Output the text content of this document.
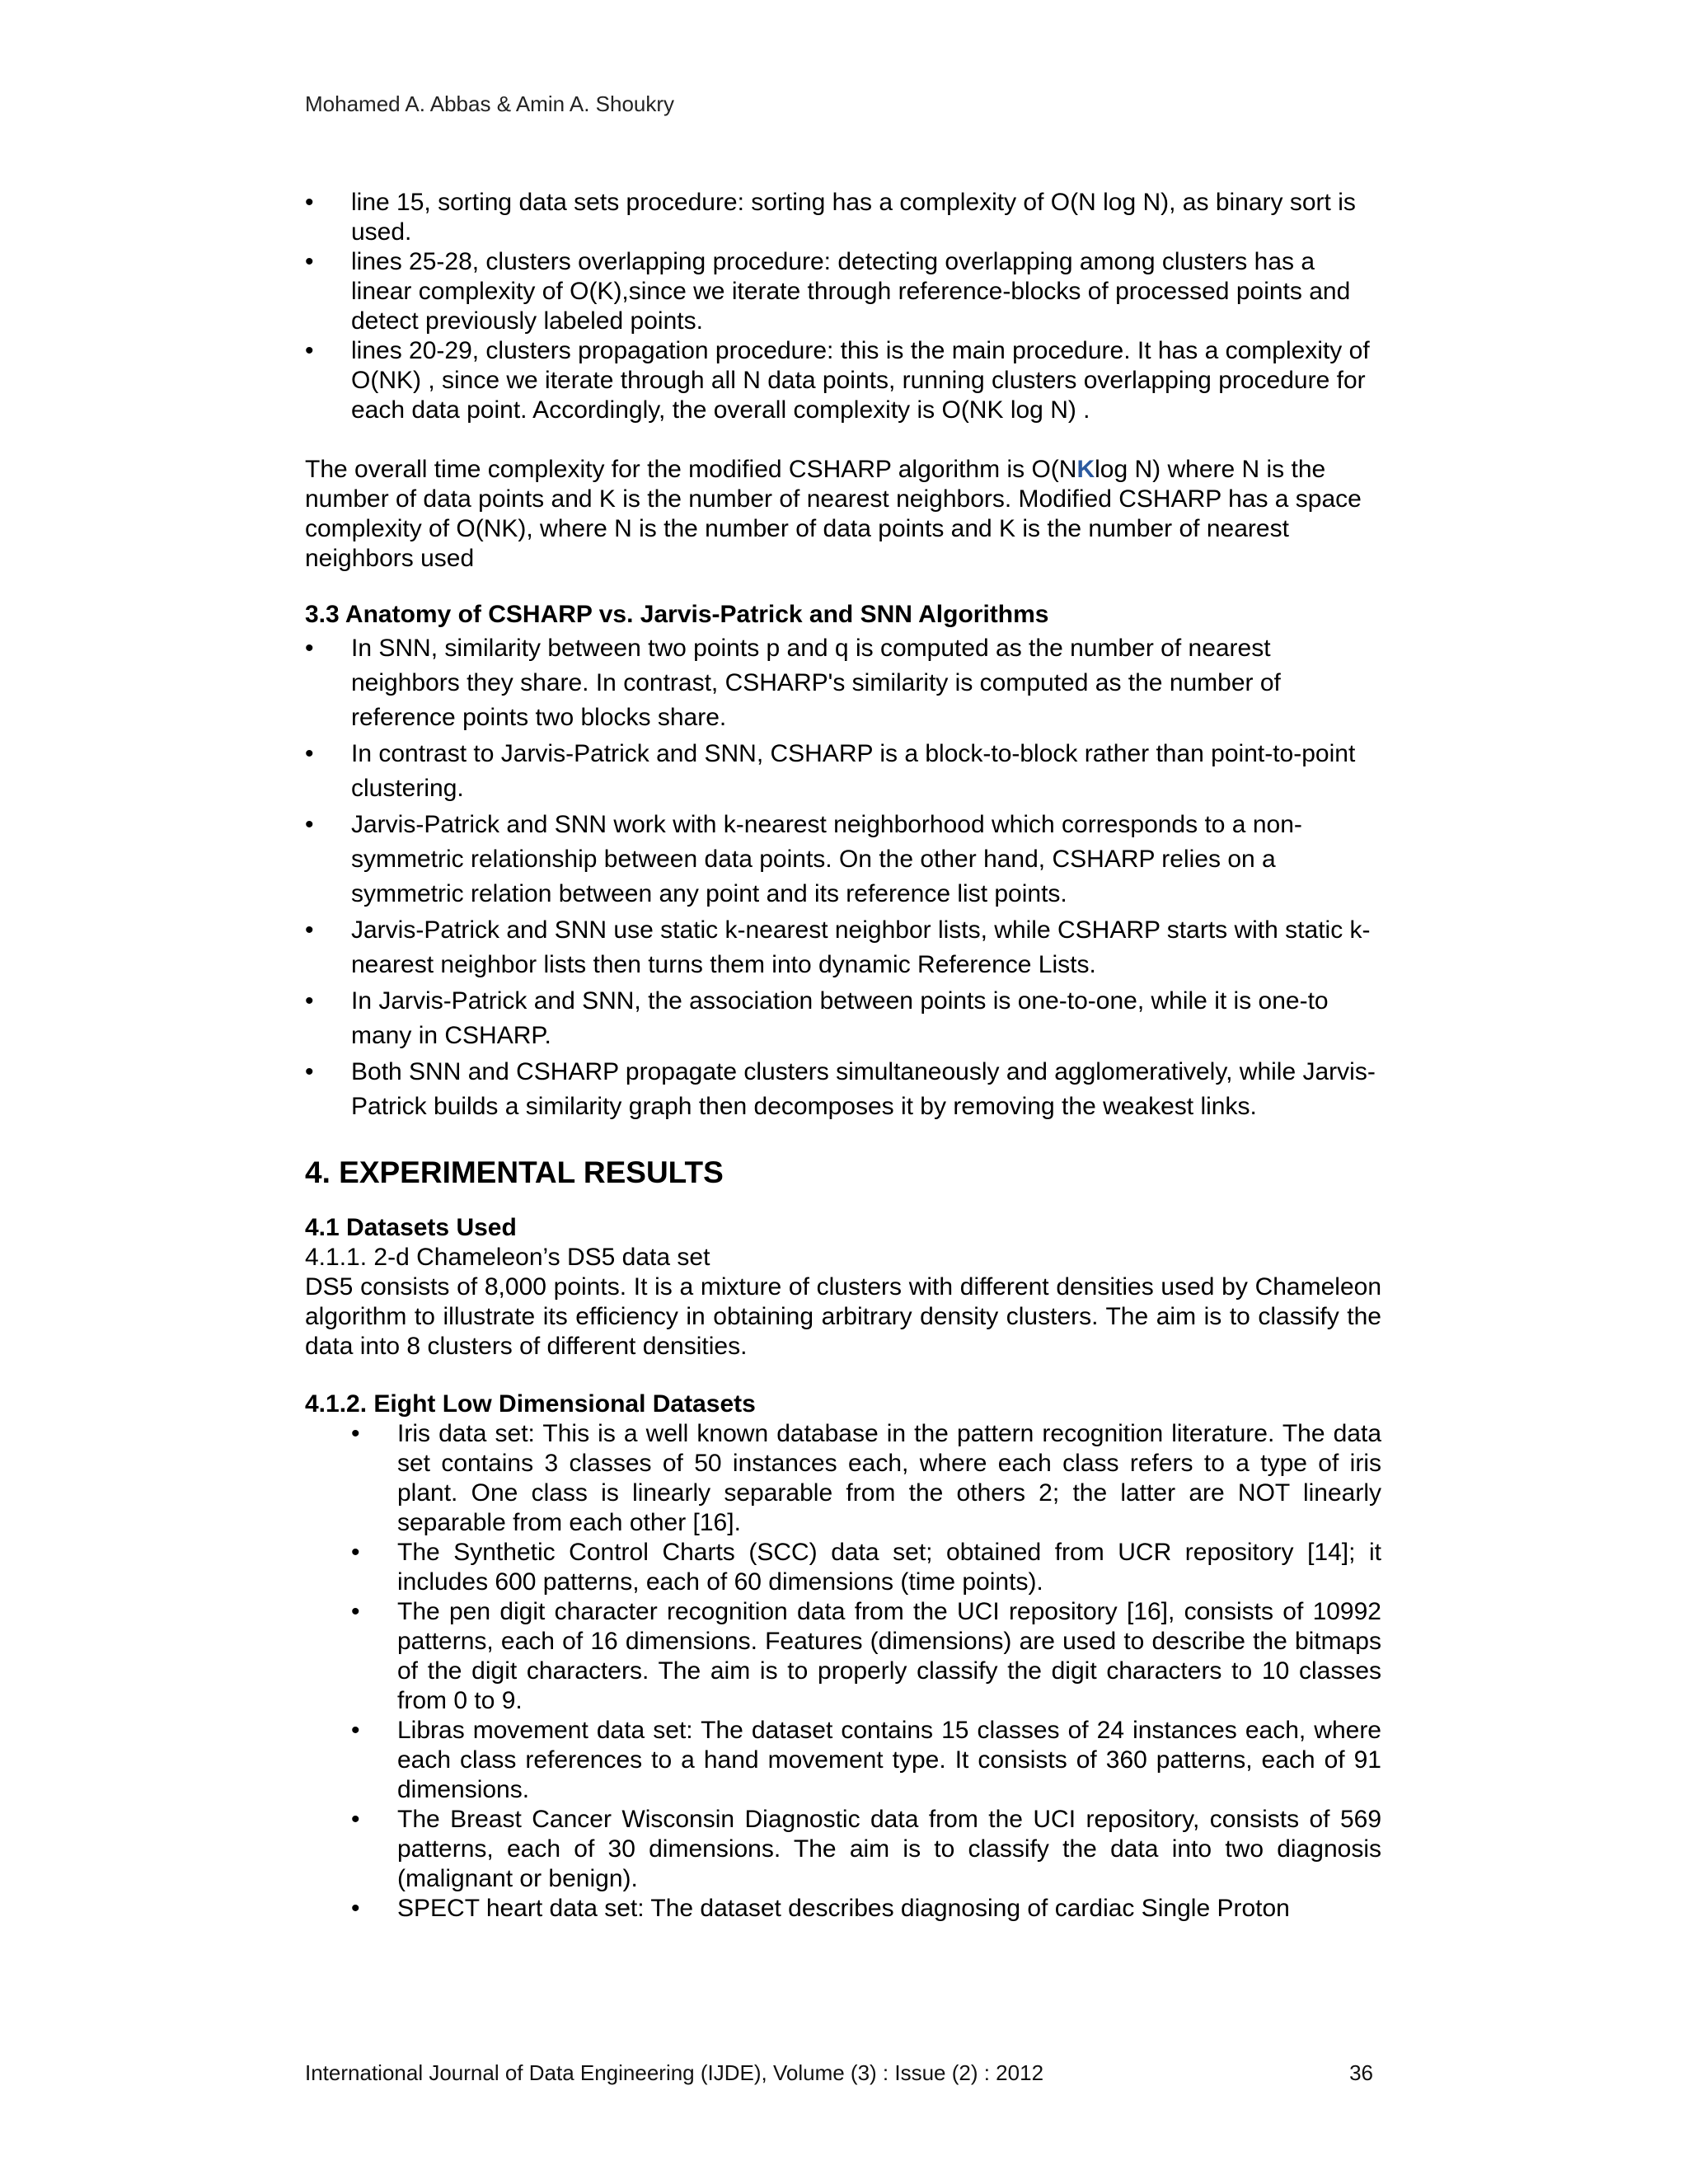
Mohamed A. Abbas & Amin A. Shoukry
• line 15, sorting data sets procedure: sorting has a complexity of O(N log N), as binary sort is used.
• lines 25-28, clusters overlapping procedure: detecting overlapping among clusters has a linear complexity of O(K),since we iterate through reference-blocks of processed points and detect previously labeled points.
• lines 20-29, clusters propagation procedure: this is the main procedure. It has a complexity of O(NK) , since we iterate through all N data points, running clusters overlapping procedure for each data point. Accordingly, the overall complexity is O(NK log N) .

The overall time complexity for the modified CSHARP algorithm is O(NKlog N) where N is the number of data points and K is the number of nearest neighbors. Modified CSHARP has a space complexity of O(NK), where N is the number of data points and K is the number of nearest neighbors used

3.3 Anatomy of CSHARP vs. Jarvis-Patrick and SNN Algorithms
• In SNN, similarity between two points p and q is computed as the number of nearest neighbors they share. In contrast, CSHARP's similarity is computed as the number of reference points two blocks share.
• In contrast to Jarvis-Patrick and SNN, CSHARP is a block-to-block rather than point-to-point clustering.
• Jarvis-Patrick and SNN work with k-nearest neighborhood which corresponds to a non-symmetric relationship between data points. On the other hand, CSHARP relies on a symmetric relation between any point and its reference list points.
• Jarvis-Patrick and SNN use static k-nearest neighbor lists, while CSHARP starts with static k-nearest neighbor lists then turns them into dynamic Reference Lists.
• In Jarvis-Patrick and SNN, the association between points is one-to-one, while it is one-to many in CSHARP.
• Both SNN and CSHARP propagate clusters simultaneously and agglomeratively, while Jarvis-Patrick builds a similarity graph then decomposes it by removing the weakest links.
4. EXPERIMENTAL RESULTS
4.1 Datasets Used

4.1.1. 2-d Chameleon’s DS5 data set

DS5 consists of 8,000 points. It is a mixture of clusters with different densities used by Chameleon algorithm to illustrate its efficiency in obtaining arbitrary density clusters. The aim is to classify the data into 8 clusters of different densities.

4.1.2. Eight Low Dimensional Datasets
• Iris data set: This is a well known database in the pattern recognition literature. The data set contains 3 classes of 50 instances each, where each class refers to a type of iris plant. One class is linearly separable from the others 2; the latter are NOT linearly separable from each other [16].
• The Synthetic Control Charts (SCC) data set; obtained from UCR repository [14]; it includes 600 patterns, each of 60 dimensions (time points).
• The pen digit character recognition data from the UCI repository [16], consists of 10992 patterns, each of 16 dimensions. Features (dimensions) are used to describe the bitmaps of the digit characters. The aim is to properly classify the digit characters to 10 classes from 0 to 9.
• Libras movement data set: The dataset contains 15 classes of 24 instances each, where each class references to a hand movement type. It consists of 360 patterns, each of 91 dimensions.
• The Breast Cancer Wisconsin Diagnostic data from the UCI repository, consists of 569 patterns, each of 30 dimensions. The aim is to classify the data into two diagnosis (malignant or benign).
• SPECT heart data set: The dataset describes diagnosing of cardiac Single Proton
International Journal of Data Engineering (IJDE), Volume (3) : Issue (2) : 2012	36
